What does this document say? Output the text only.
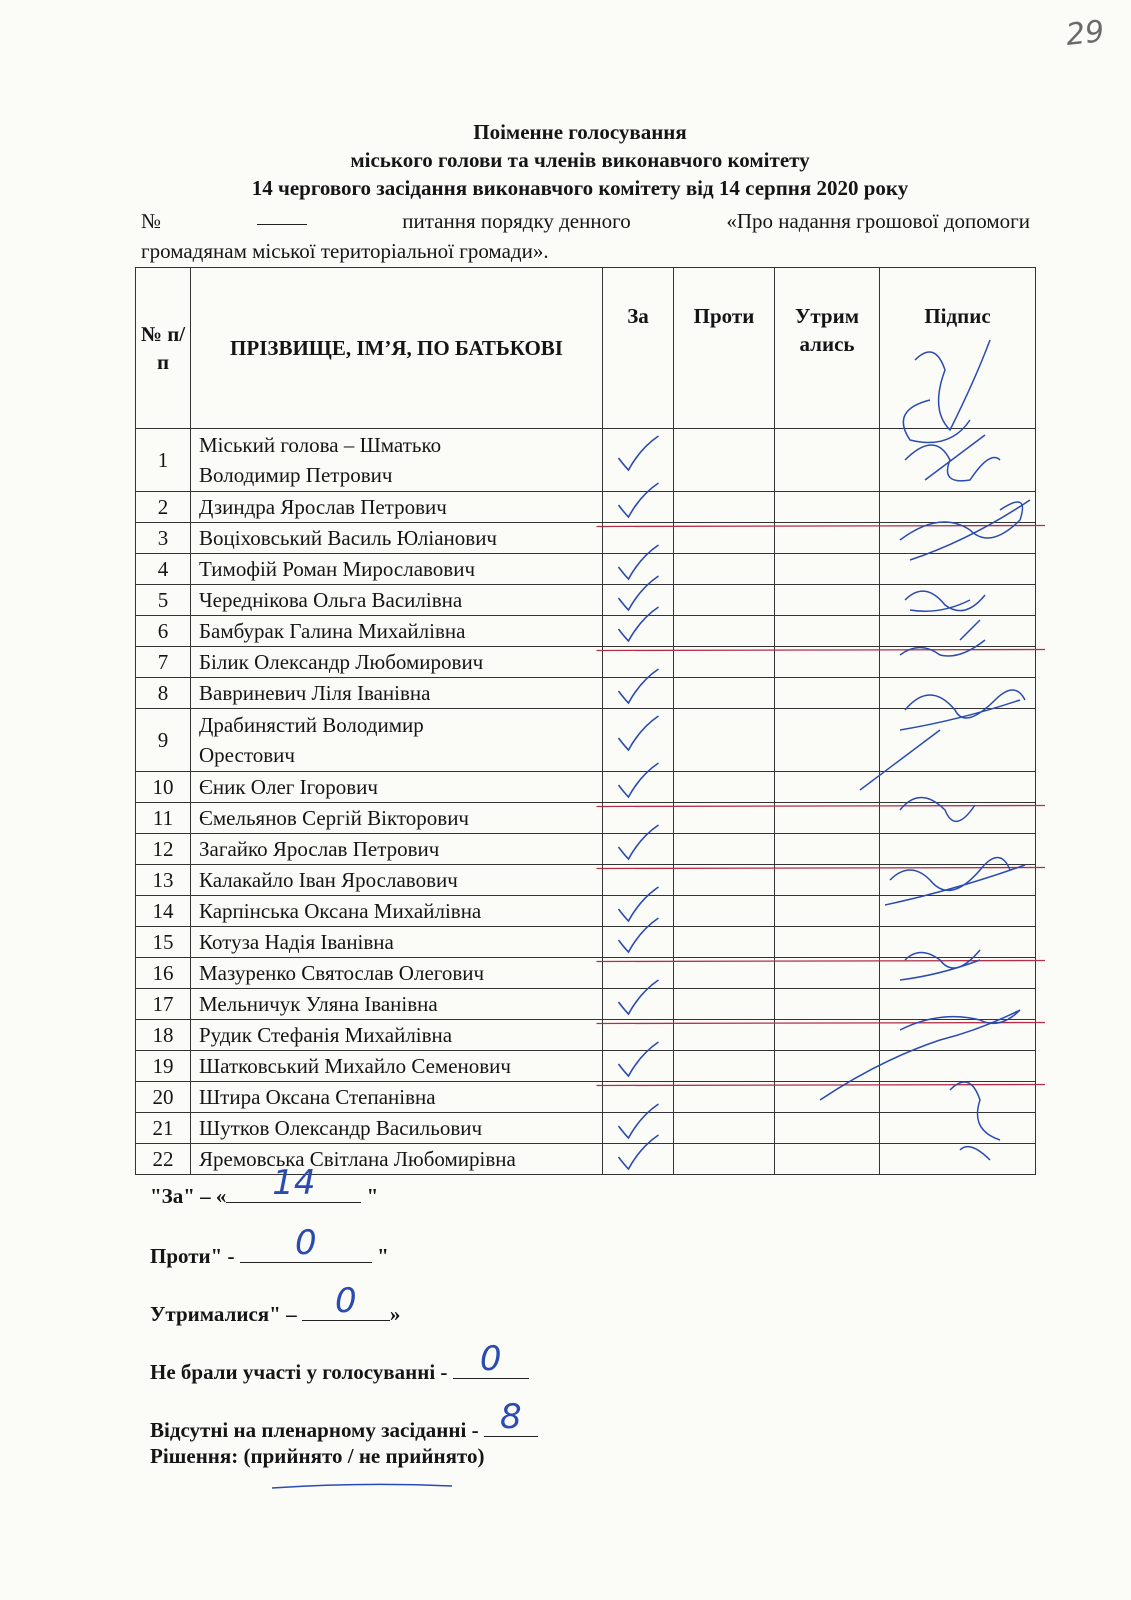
29
Поіменне голосування
міського голови та членів виконавчого комітету
14 чергового засідання виконавчого комітету від 14 серпня 2020 року
№	питання порядку денного	«Про надання грошової допомоги
громадянам міської територіальної громади».
№ п/п	ПРІЗВИЩЕ, ІМ’Я, ПО БАТЬКОВІ	За	Проти	Утрим ались	Підпис
1	Міський голова – Шматько
Володимир Петрович				

2	Дзиндра Ярослав Петрович				

3	Воціховський Василь Юліанович				

4	Тимофій Роман Мирославович				

5	Череднікова Ольга Василівна				

6	Бамбурак Галина Михайлівна				

7	Білик Олександр Любомирович				

8	Вавриневич Ліля Іванівна				

9	Драбинястий Володимир
Орестович				

10	Єник Олег Ігорович				

11	Ємельянов Сергій Вікторович				

12	Загайко Ярослав Петрович				

13	Калакайло Іван Ярославович				

14	Карпінська Оксана Михайлівна				

15	Котуза Надія Іванівна				

16	Мазуренко Святослав Олегович				

17	Мельничук Уляна Іванівна				

18	Рудик Стефанія Михайлівна				

19	Шатковський Михайло Семенович				

20	Штира Оксана Степанівна				

21	Шутков Олександр Васильович				

22	Яремовська Світлана Любомирівна				

"За" – «	14	"
Проти" -	0	"
Утрималися" – 0	»
Не брали участі у голосуванні - 0
Відсутні на пленарному засіданні - 8
Рішення: (прийнято / не прийнято)
